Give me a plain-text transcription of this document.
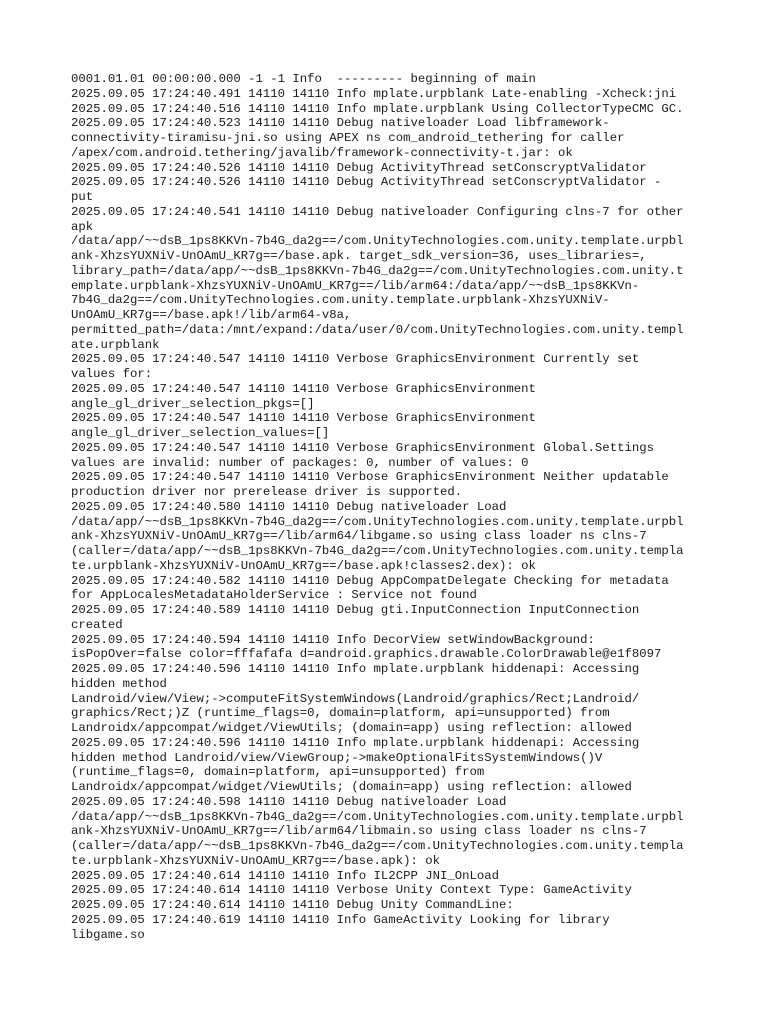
0001.01.01 00:00:00.000 -1 -1 Info  --------- beginning of main

2025.09.05 17:24:40.491 14110 14110 Info mplate.urpblank Late-enabling -Xcheck:jni

2025.09.05 17:24:40.516 14110 14110 Info mplate.urpblank Using CollectorTypeCMC GC.

2025.09.05 17:24:40.523 14110 14110 Debug nativeloader Load libframework-
connectivity-tiramisu-jni.so using APEX ns com_android_tethering for caller
/apex/com.android.tethering/javalib/framework-connectivity-t.jar: ok

2025.09.05 17:24:40.526 14110 14110 Debug ActivityThread setConscryptValidator

2025.09.05 17:24:40.526 14110 14110 Debug ActivityThread setConscryptValidator -
put

2025.09.05 17:24:40.541 14110 14110 Debug nativeloader Configuring clns-7 for other
apk
/data/app/~~dsB_1ps8KKVn-7b4G_da2g==/com.UnityTechnologies.com.unity.template.urpbl
ank-XhzsYUXNiV-UnOAmU_KR7g==/base.apk. target_sdk_version=36, uses_libraries=,
library_path=/data/app/~~dsB_1ps8KKVn-7b4G_da2g==/com.UnityTechnologies.com.unity.t
emplate.urpblank-XhzsYUXNiV-UnOAmU_KR7g==/lib/arm64:/data/app/~~dsB_1ps8KKVn-
7b4G_da2g==/com.UnityTechnologies.com.unity.template.urpblank-XhzsYUXNiV-
UnOAmU_KR7g==/base.apk!/lib/arm64-v8a,
permitted_path=/data:/mnt/expand:/data/user/0/com.UnityTechnologies.com.unity.templ
ate.urpblank

2025.09.05 17:24:40.547 14110 14110 Verbose GraphicsEnvironment Currently set
values for:

2025.09.05 17:24:40.547 14110 14110 Verbose GraphicsEnvironment
angle_gl_driver_selection_pkgs=[]

2025.09.05 17:24:40.547 14110 14110 Verbose GraphicsEnvironment
angle_gl_driver_selection_values=[]

2025.09.05 17:24:40.547 14110 14110 Verbose GraphicsEnvironment Global.Settings
values are invalid: number of packages: 0, number of values: 0

2025.09.05 17:24:40.547 14110 14110 Verbose GraphicsEnvironment Neither updatable
production driver nor prerelease driver is supported.

2025.09.05 17:24:40.580 14110 14110 Debug nativeloader Load
/data/app/~~dsB_1ps8KKVn-7b4G_da2g==/com.UnityTechnologies.com.unity.template.urpbl
ank-XhzsYUXNiV-UnOAmU_KR7g==/lib/arm64/libgame.so using class loader ns clns-7
(caller=/data/app/~~dsB_1ps8KKVn-7b4G_da2g==/com.UnityTechnologies.com.unity.templa
te.urpblank-XhzsYUXNiV-UnOAmU_KR7g==/base.apk!classes2.dex): ok

2025.09.05 17:24:40.582 14110 14110 Debug AppCompatDelegate Checking for metadata
for AppLocalesMetadataHolderService : Service not found

2025.09.05 17:24:40.589 14110 14110 Debug gti.InputConnection InputConnection
created

2025.09.05 17:24:40.594 14110 14110 Info DecorView setWindowBackground:
isPopOver=false color=fffafafa d=android.graphics.drawable.ColorDrawable@e1f8097

2025.09.05 17:24:40.596 14110 14110 Info mplate.urpblank hiddenapi: Accessing
hidden method
Landroid/view/View;->computeFitSystemWindows(Landroid/graphics/Rect;Landroid/
graphics/Rect;)Z (runtime_flags=0, domain=platform, api=unsupported) from
Landroidx/appcompat/widget/ViewUtils; (domain=app) using reflection: allowed

2025.09.05 17:24:40.596 14110 14110 Info mplate.urpblank hiddenapi: Accessing
hidden method Landroid/view/ViewGroup;->makeOptionalFitsSystemWindows()V
(runtime_flags=0, domain=platform, api=unsupported) from
Landroidx/appcompat/widget/ViewUtils; (domain=app) using reflection: allowed

2025.09.05 17:24:40.598 14110 14110 Debug nativeloader Load
/data/app/~~dsB_1ps8KKVn-7b4G_da2g==/com.UnityTechnologies.com.unity.template.urpbl
ank-XhzsYUXNiV-UnOAmU_KR7g==/lib/arm64/libmain.so using class loader ns clns-7
(caller=/data/app/~~dsB_1ps8KKVn-7b4G_da2g==/com.UnityTechnologies.com.unity.templa
te.urpblank-XhzsYUXNiV-UnOAmU_KR7g==/base.apk): ok

2025.09.05 17:24:40.614 14110 14110 Info IL2CPP JNI_OnLoad

2025.09.05 17:24:40.614 14110 14110 Verbose Unity Context Type: GameActivity

2025.09.05 17:24:40.614 14110 14110 Debug Unity CommandLine:

2025.09.05 17:24:40.619 14110 14110 Info GameActivity Looking for library
libgame.so
